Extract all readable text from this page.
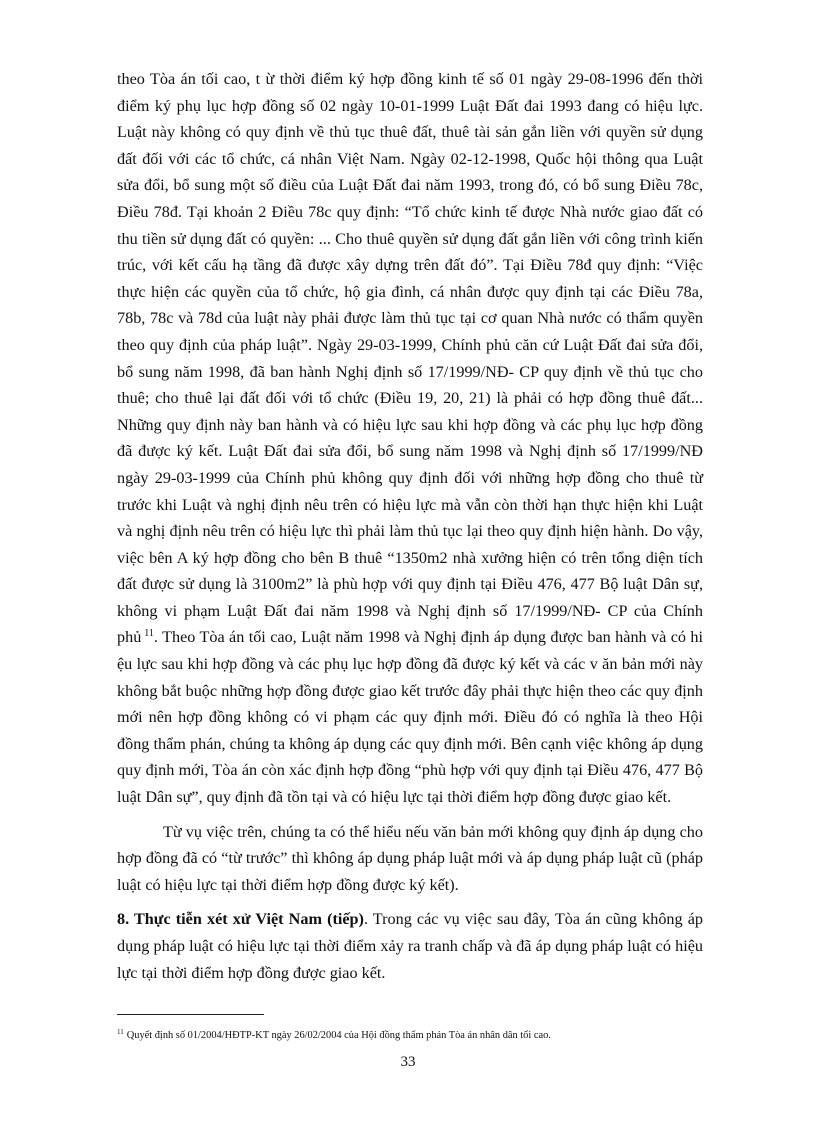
theo Tòa án tối cao, t ừ thời điểm ký hợp đồng kinh tế số 01 ngày 29-08-1996 đến thời điểm ký phụ lục hợp đồng số 02 ngày 10-01-1999 Luật Đất đai 1993 đang có hiệu lực. Luật này không có quy định về thủ tục thuê đất, thuê tài sản gắn liền với quyền sử dụng đất đối với các tổ chức, cá nhân Việt Nam. Ngày 02-12-1998, Quốc hội thông qua Luật sửa đổi, bổ sung một số điều của Luật Đất đai năm 1993, trong đó, có bổ sung Điều 78c, Điều 78đ. Tại khoản 2 Điều 78c quy định: “Tổ chức kinh tế được Nhà nước giao đất có thu tiền sử dụng đất có quyền: ... Cho thuê quyền sử dụng đất gắn liền với công trình kiến trúc, với kết cấu hạ tầng đã được xây dựng trên đất đó”. Tại Điều 78đ quy định: “Việc thực hiện các quyền của tổ chức, hộ gia đình, cá nhân được quy định tại các Điều 78a, 78b, 78c và 78d của luật này phải được làm thủ tục tại cơ quan Nhà nước có thẩm quyền theo quy định của pháp luật”. Ngày 29-03-1999, Chính phủ căn cứ Luật Đất đai sửa đổi, bổ sung năm 1998, đã ban hành Nghị định số 17/1999/NĐ- CP quy định về thủ tục cho thuê; cho thuê lại đất đối với tổ chức (Điều 19, 20, 21) là phải có hợp đồng thuê đất... Những quy định này ban hành và có hiệu lực sau khi hợp đồng và các phụ lục hợp đồng đã được ký kết. Luật Đất đai sửa đổi, bổ sung năm 1998 và Nghị định số 17/1999/NĐ ngày 29-03-1999 của Chính phủ không quy định đối với những hợp đồng cho thuê từ trước khi Luật và nghị định nêu trên có hiệu lực mà vẫn còn thời hạn thực hiện khi Luật và nghị định nêu trên có hiệu lực thì phải làm thủ tục lại theo quy định hiện hành. Do vậy, việc bên A ký hợp đồng cho bên B thuê “1350m2 nhà xưởng hiện có trên tổng diện tích đất được sử dụng là 3100m2” là phù hợp với quy định tại Điều 476, 477 Bộ luật Dân sự, không vi phạm Luật Đất đai năm 1998 và Nghị định số 17/1999/NĐ- CP của Chính phủ $^{11}$. Theo Tòa án tối cao, Luật năm 1998 và Nghị định áp dụng được ban hành và có hi ệu lực sau khi hợp đồng và các phụ lục hợp đồng đã được ký kết và các v ăn bản mới này không bắt buộc những hợp đồng được giao kết trước đây phải thực hiện theo các quy định mới nên hợp đồng không có vi phạm các quy định mới. Điều đó có nghĩa là theo Hội đồng thẩm phán, chúng ta không áp dụng các quy định mới. Bên cạnh việc không áp dụng quy định mới, Tòa án còn xác định hợp đồng “phù hợp với quy định tại Điều 476, 477 Bộ luật Dân sự”, quy định đã tồn tại và có hiệu lực tại thời điểm hợp đồng được giao kết.

Từ vụ việc trên, chúng ta có thể hiểu nếu văn bản mới không quy định áp dụng cho hợp đồng đã có “từ trước” thì không áp dụng pháp luật mới và áp dụng pháp luật cũ (pháp luật có hiệu lực tại thời điểm hợp đồng được ký kết).

8. Thực tiễn xét xử Việt Nam (tiếp). Trong các vụ việc sau đây, Tòa án cũng không áp dụng pháp luật có hiệu lực tại thời điểm xảy ra tranh chấp và đã áp dụng pháp luật có hiệu lực tại thời điểm hợp đồng được giao kết.

$^{11}$ Quyết định số 01/2004/HĐTP-KT ngày 26/02/2004 của Hội đồng thẩm phán Tòa án nhân dân tối cao.

33
